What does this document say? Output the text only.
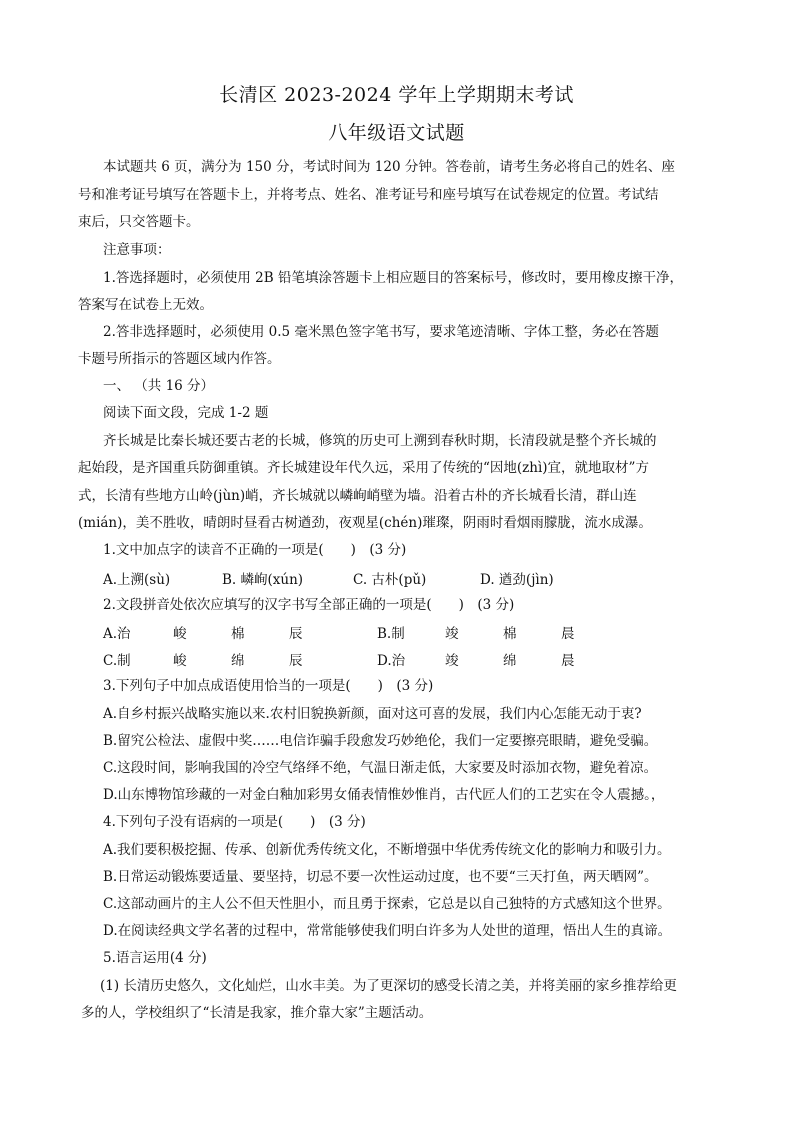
长清区 2023-2024 学年上学期期末考试
八年级语文试题
本试题共 6 页，满分为 150 分，考试时间为 120 分钟。答卷前，请考生务必将自己的姓名、座
号和准考证号填写在答题卡上，并将考点、姓名、准考证号和座号填写在试卷规定的位置。考试结
束后，只交答题卡。
注意事项：
1.答选择题时，必须使用 2B 铅笔填涂答题卡上相应题目的答案标号，修改时，要用橡皮擦干净，
答案写在试卷上无效。
2.答非选择题时，必须使用 0.5 毫米黑色签字笔书写，要求笔迹清晰、字体工整，务必在答题
卡题号所指示的答题区域内作答。
一、 （共 16 分）
阅读下面文段，完成 1-2 题
齐长城是比秦长城还要古老的长城，修筑的历史可上溯到春秋时期，长清段就是整个齐长城的
起始段，是齐国重兵防御重镇。齐长城建设年代久远，采用了传统的“因地(zhì)宜，就地取材”方
式，长清有些地方山岭(jùn)峭，齐长城就以嶙峋峭壁为墙。沿着古朴的齐长城看长清，群山连
(mián)，美不胜收，晴朗时昼看古树遒劲，夜观星(chén)璀璨，阴雨时看烟雨朦胧，流水成瀑。
1.文中加点字的读音不正确的一项是(　　)　(3 分)
A.上溯(sù)	B. 嶙峋(xún)	C. 古朴(pǔ)	D. 遒劲(jìn)
2.文段拼音处依次应填写的汉字书写全部正确的一项是(　　)　(3 分)
A.治	峻	棉	辰	B.制	竣	棉	晨
C.制	峻	绵	辰	D.治	竣	绵	晨
3.下列句子中加点成语使用恰当的一项是(　　)　(3 分)
A.自乡村振兴战略实施以来.农村旧貌换新颜，面对这可喜的发展，我们内心怎能无动于衷?
B.留究公检法、虚假中奖……电信诈骗手段愈发巧妙绝伦，我们一定要擦亮眼睛，避免受骗。
C.这段时间，影响我国的冷空气络绎不绝，气温日渐走低，大家要及时添加衣物，避免着凉。
D.山东博物馆珍藏的一对金白釉加彩男女俑表情惟妙惟肖，古代匠人们的工艺实在令人震撼。，
4.下列句子没有语病的一项是(　　)　(3 分)
A.我们要积极挖掘、传承、创新优秀传统文化，不断增强中华优秀传统文化的影响力和吸引力。
B.日常运动锻炼要适量、要坚持，切忌不要一次性运动过度，也不要“三天打鱼，两天晒网”。
C.这部动画片的主人公不但天性胆小，而且勇于探索，它总是以自己独特的方式感知这个世界。
D.在阅读经典文学名著的过程中，常常能够使我们明白许多为人处世的道理，悟出人生的真谛。
5.语言运用(4 分)
(1) 长清历史悠久，文化灿烂，山水丰美。为了更深切的感受长清之美，并将美丽的家乡推荐给更
多的人，学校组织了“长清是我家，推介靠大家”主题活动。
